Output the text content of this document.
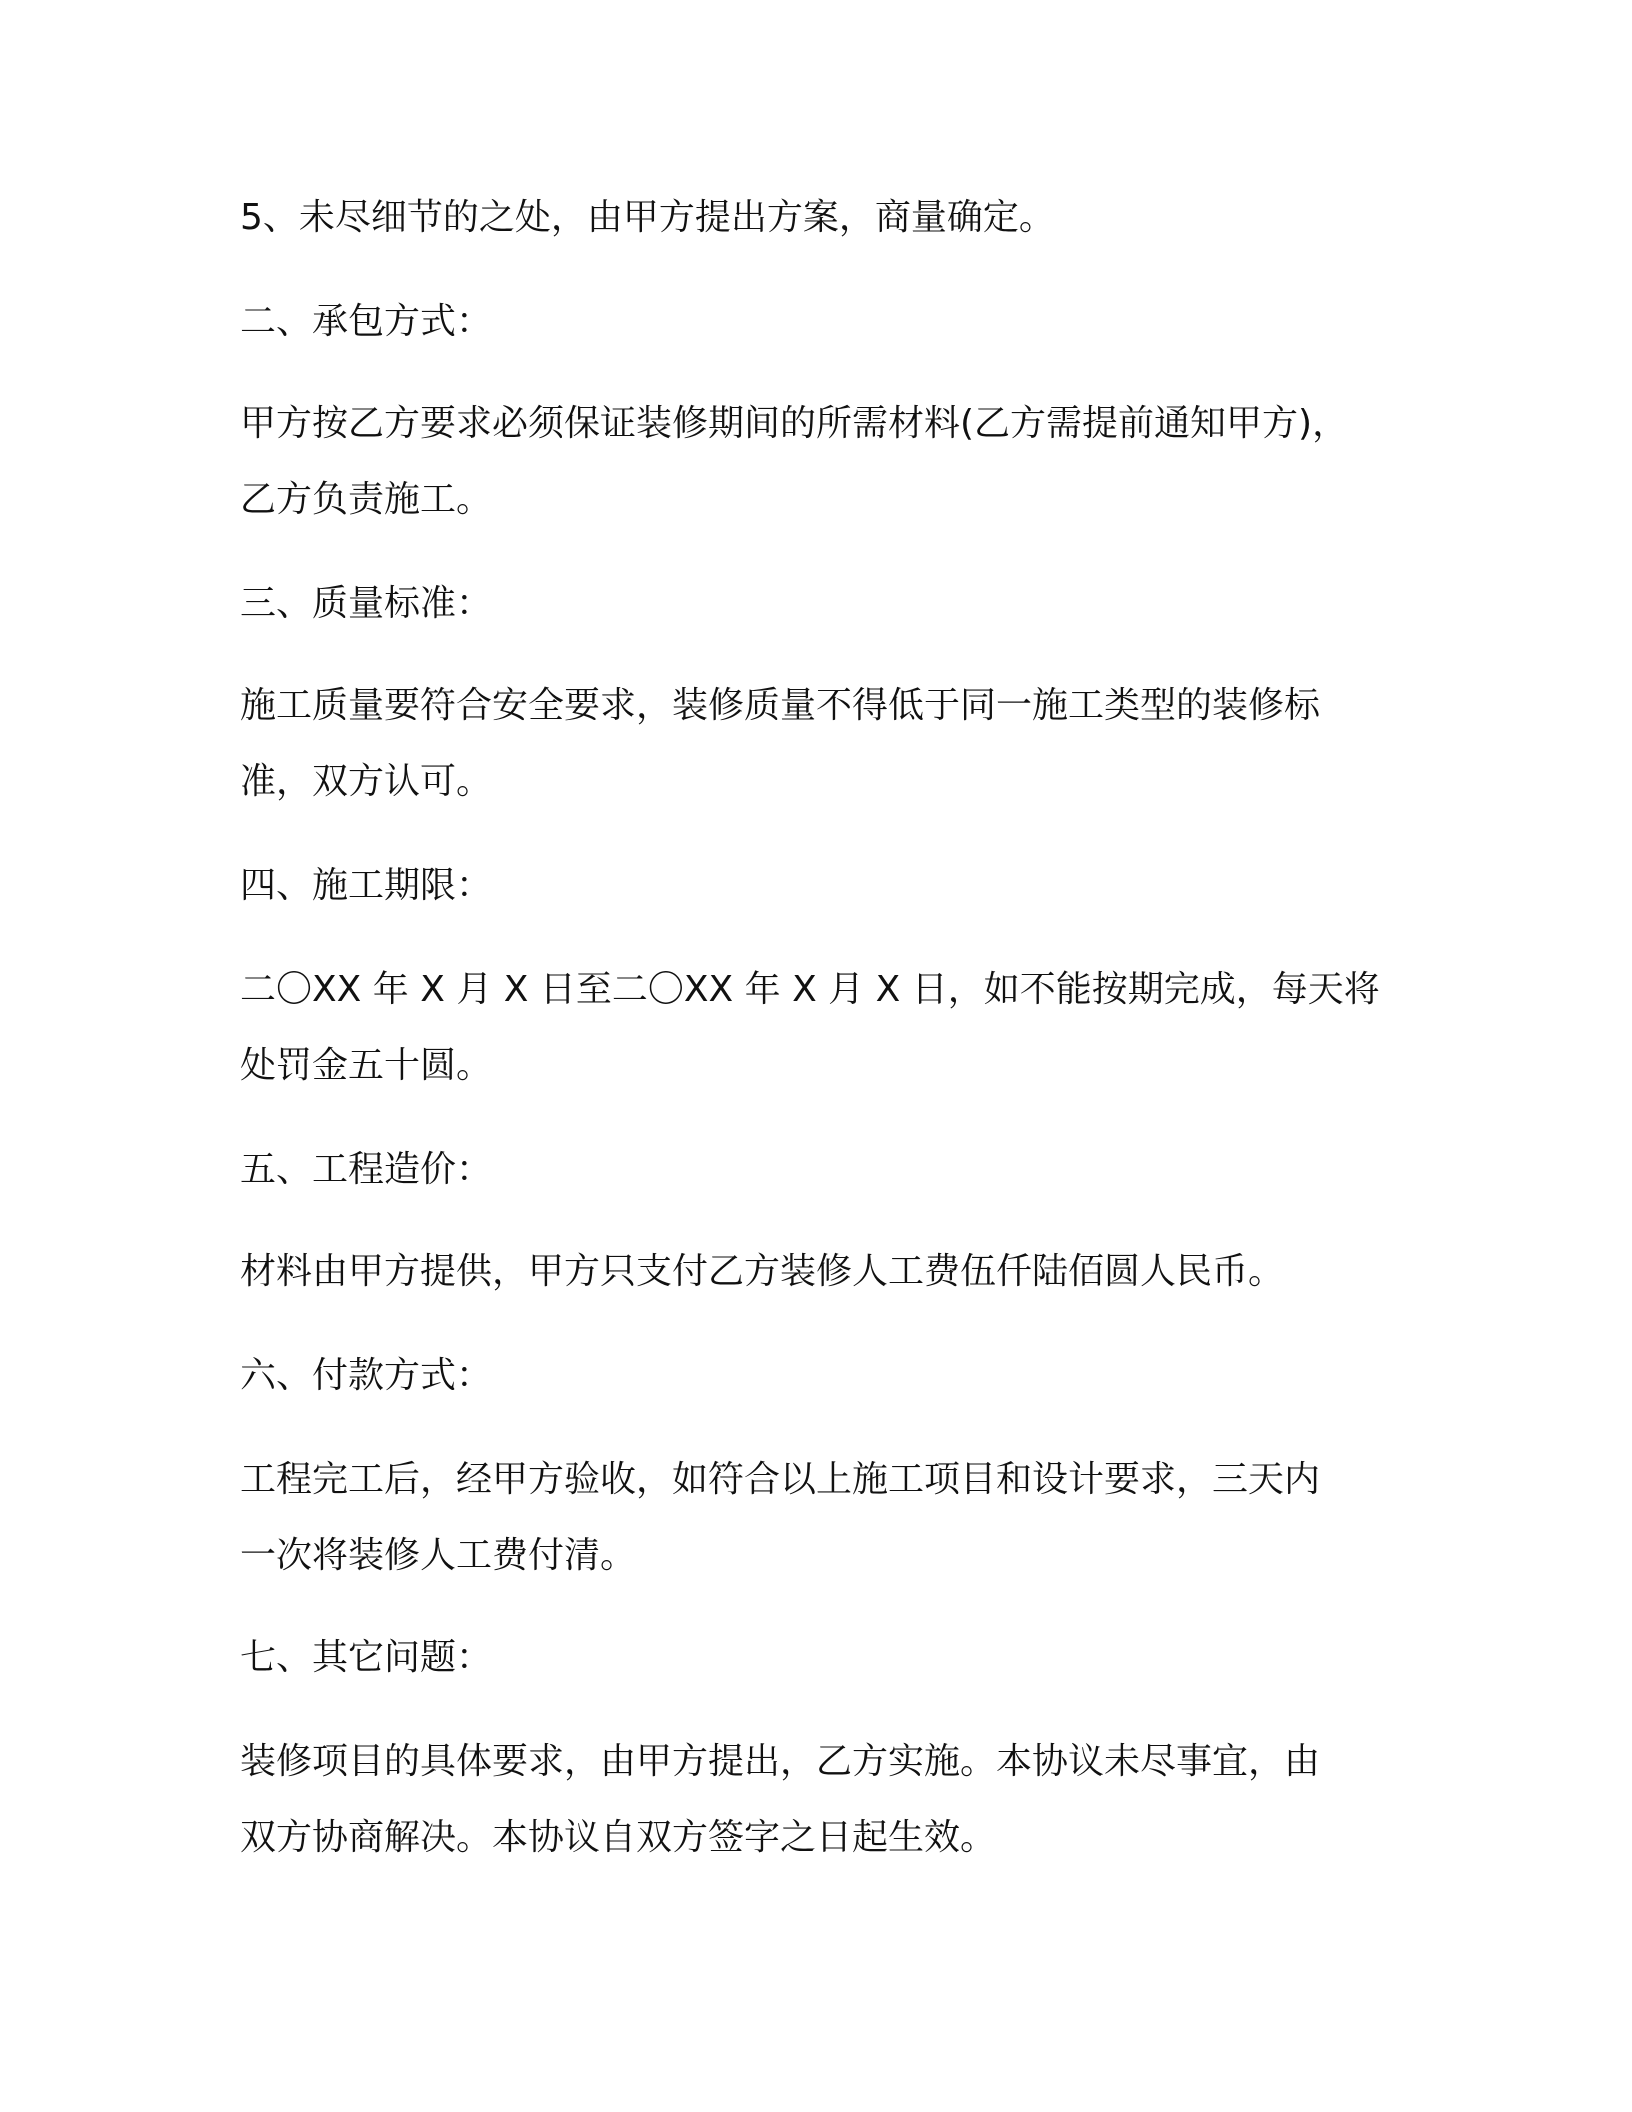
5、未尽细节的之处，由甲方提出方案，商量确定。
二、承包方式：
甲方按乙方要求必须保证装修期间的所需材料(乙方需提前通知甲方)，
乙方负责施工。
三、质量标准：
施工质量要符合安全要求，装修质量不得低于同一施工类型的装修标
准，双方认可。
四、施工期限：
二〇XX 年 X 月 X 日至二〇XX 年 X 月 X 日，如不能按期完成，每天将
处罚金五十圆。
五、工程造价：
材料由甲方提供，甲方只支付乙方装修人工费伍仟陆佰圆人民币。
六、付款方式：
工程完工后，经甲方验收，如符合以上施工项目和设计要求，三天内
一次将装修人工费付清。
七、其它问题：
装修项目的具体要求，由甲方提出，乙方实施。本协议未尽事宜，由
双方协商解决。本协议自双方签字之日起生效。
